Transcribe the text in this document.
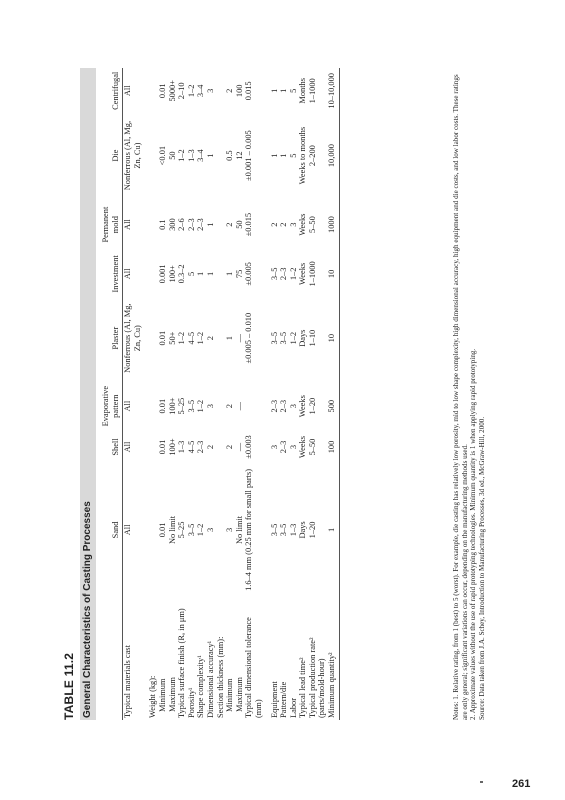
TABLE 11.2 General Characteristics of Casting Processes
		Sand	Shell	Evaporative pattern	Plaster	Investment	Permanent mold	Die	Centrifugal
Typical materials cast	All	All	All	Nonferrous (Al, Mg, Zn, Cu)	All	All	Nonferrous (Al, Mg, Zn, Cu)	All
Weight (kg):								
Minimum	0.01	0.01	0.01	0.01	0.001	0.1	<0.01	0.01
Maximum	No limit	100+	100+	50+	100+	300	50	5000+
Typical surface finish (Rₐ in μm)	5–25	1–3	5–25	1–2	0.3–2	2–6	1–2	2–10
Porosity¹	3–5	4–5	3–5	4–5	5	2–3	1–3	1–2
Shape complexity¹	1–2	2–3	1–2	1–2	1	2–3	3–4	3–4
Dimensional accuracy¹	3	2	3	2	1	1	1	3
Section thickness (mm):								
Minimum	3	2	2	1	1	2	0.5	2
Maximum	No limit	—	—	—	75	50	12	100
Typical dimensional tolerance (mm)	1.6–4 mm (0.25 mm for small parts)	±0.003		±0.005 – 0.010	±0.005	±0.015	±0.001 – 0.005	0.015
Equipment	3–5	3	2–3	3–5	3–5	2	1	1
Pattern/die	3–5	2–3	2–3	3–5	2–3	2	1	1
Labor	1–3	3	3	1–2	1–2	3	5	5
Typical lead time²	Days	Weeks	Weeks	Days	Weeks	Weeks	Weeks to months	Months
Typical production rate² (parts/mold-hour)	1–20	5–50	1–20	1–10	1–1000	5–50	2–200	1–1000
Minimum quantity²	1	100	500	10	10	1000	10,000	10–10,000	Notes: 1. Relative rating, from 1 (best) to 5 (worst). For example, die casting has relatively low porosity, mid to low shape complexity, high dimensional accuracy, high equipment and die costs, and low labor costs. These ratings are only general; significant variations can occur, depending on the manufacturing methods used. 2. Approximate values without the use of rapid prototyping technologies. Minimum quantity is 1 when applying rapid prototyping. Source: Data taken from J.A. Schey, Introduction to Manufacturing Processes, 3d ed., McGraw-Hill, 2000.
261
